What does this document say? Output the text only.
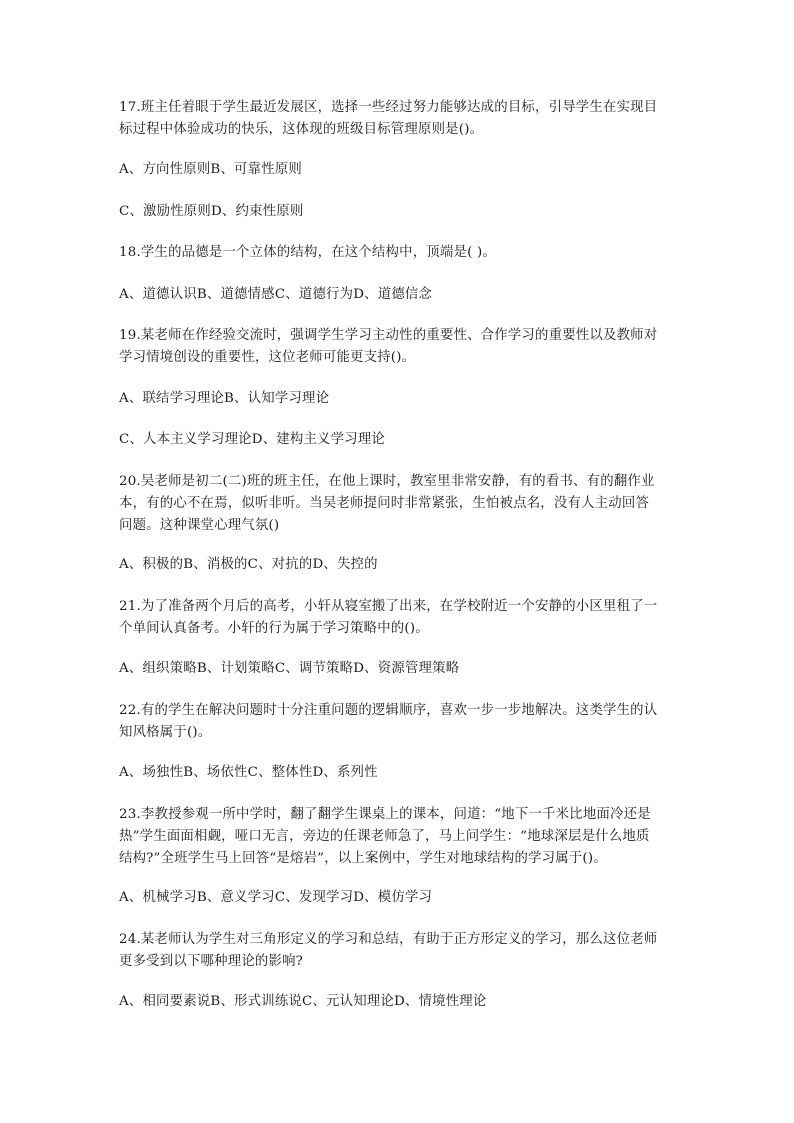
17.班主任着眼于学生最近发展区，选择一些经过努力能够达成的目标，引导学生在实现目
标过程中体验成功的快乐，这体现的班级目标管理原则是()。
A、方向性原则B、可靠性原则
C、激励性原则D、约束性原则
18.学生的品德是一个立体的结构，在这个结构中，顶端是( )。
A、道德认识B、道德情感C、道德行为D、道德信念
19.某老师在作经验交流时，强调学生学习主动性的重要性、合作学习的重要性以及教师对
学习情境创设的重要性，这位老师可能更支持()。
A、联结学习理论B、认知学习理论
C、人本主义学习理论D、建构主义学习理论
20.吴老师是初二(二)班的班主任，在他上课时，教室里非常安静，有的看书、有的翻作业
本，有的心不在焉，似听非听。当吴老师提问时非常紧张，生怕被点名，没有人主动回答
问题。这种课堂心理气氛()
A、积极的B、消极的C、对抗的D、失控的
21.为了准备两个月后的高考，小轩从寝室搬了出来，在学校附近一个安静的小区里租了一
个单间认真备考。小轩的行为属于学习策略中的()。
A、组织策略B、计划策略C、调节策略D、资源管理策略
22.有的学生在解决问题时十分注重问题的逻辑顺序，喜欢一步一步地解决。这类学生的认
知风格属于()。
A、场独性B、场依性C、整体性D、系列性
23.李教授参观一所中学时，翻了翻学生课桌上的课本，问道：“地下一千米比地面冷还是
热”学生面面相觑，哑口无言，旁边的任课老师急了，马上问学生：“地球深层是什么地质
结构?”全班学生马上回答“是熔岩”，以上案例中，学生对地球结构的学习属于()。
A、机械学习B、意义学习C、发现学习D、模仿学习
24.某老师认为学生对三角形定义的学习和总结，有助于正方形定义的学习，那么这位老师
更多受到以下哪种理论的影响?
A、相同要素说B、形式训练说C、元认知理论D、情境性理论
